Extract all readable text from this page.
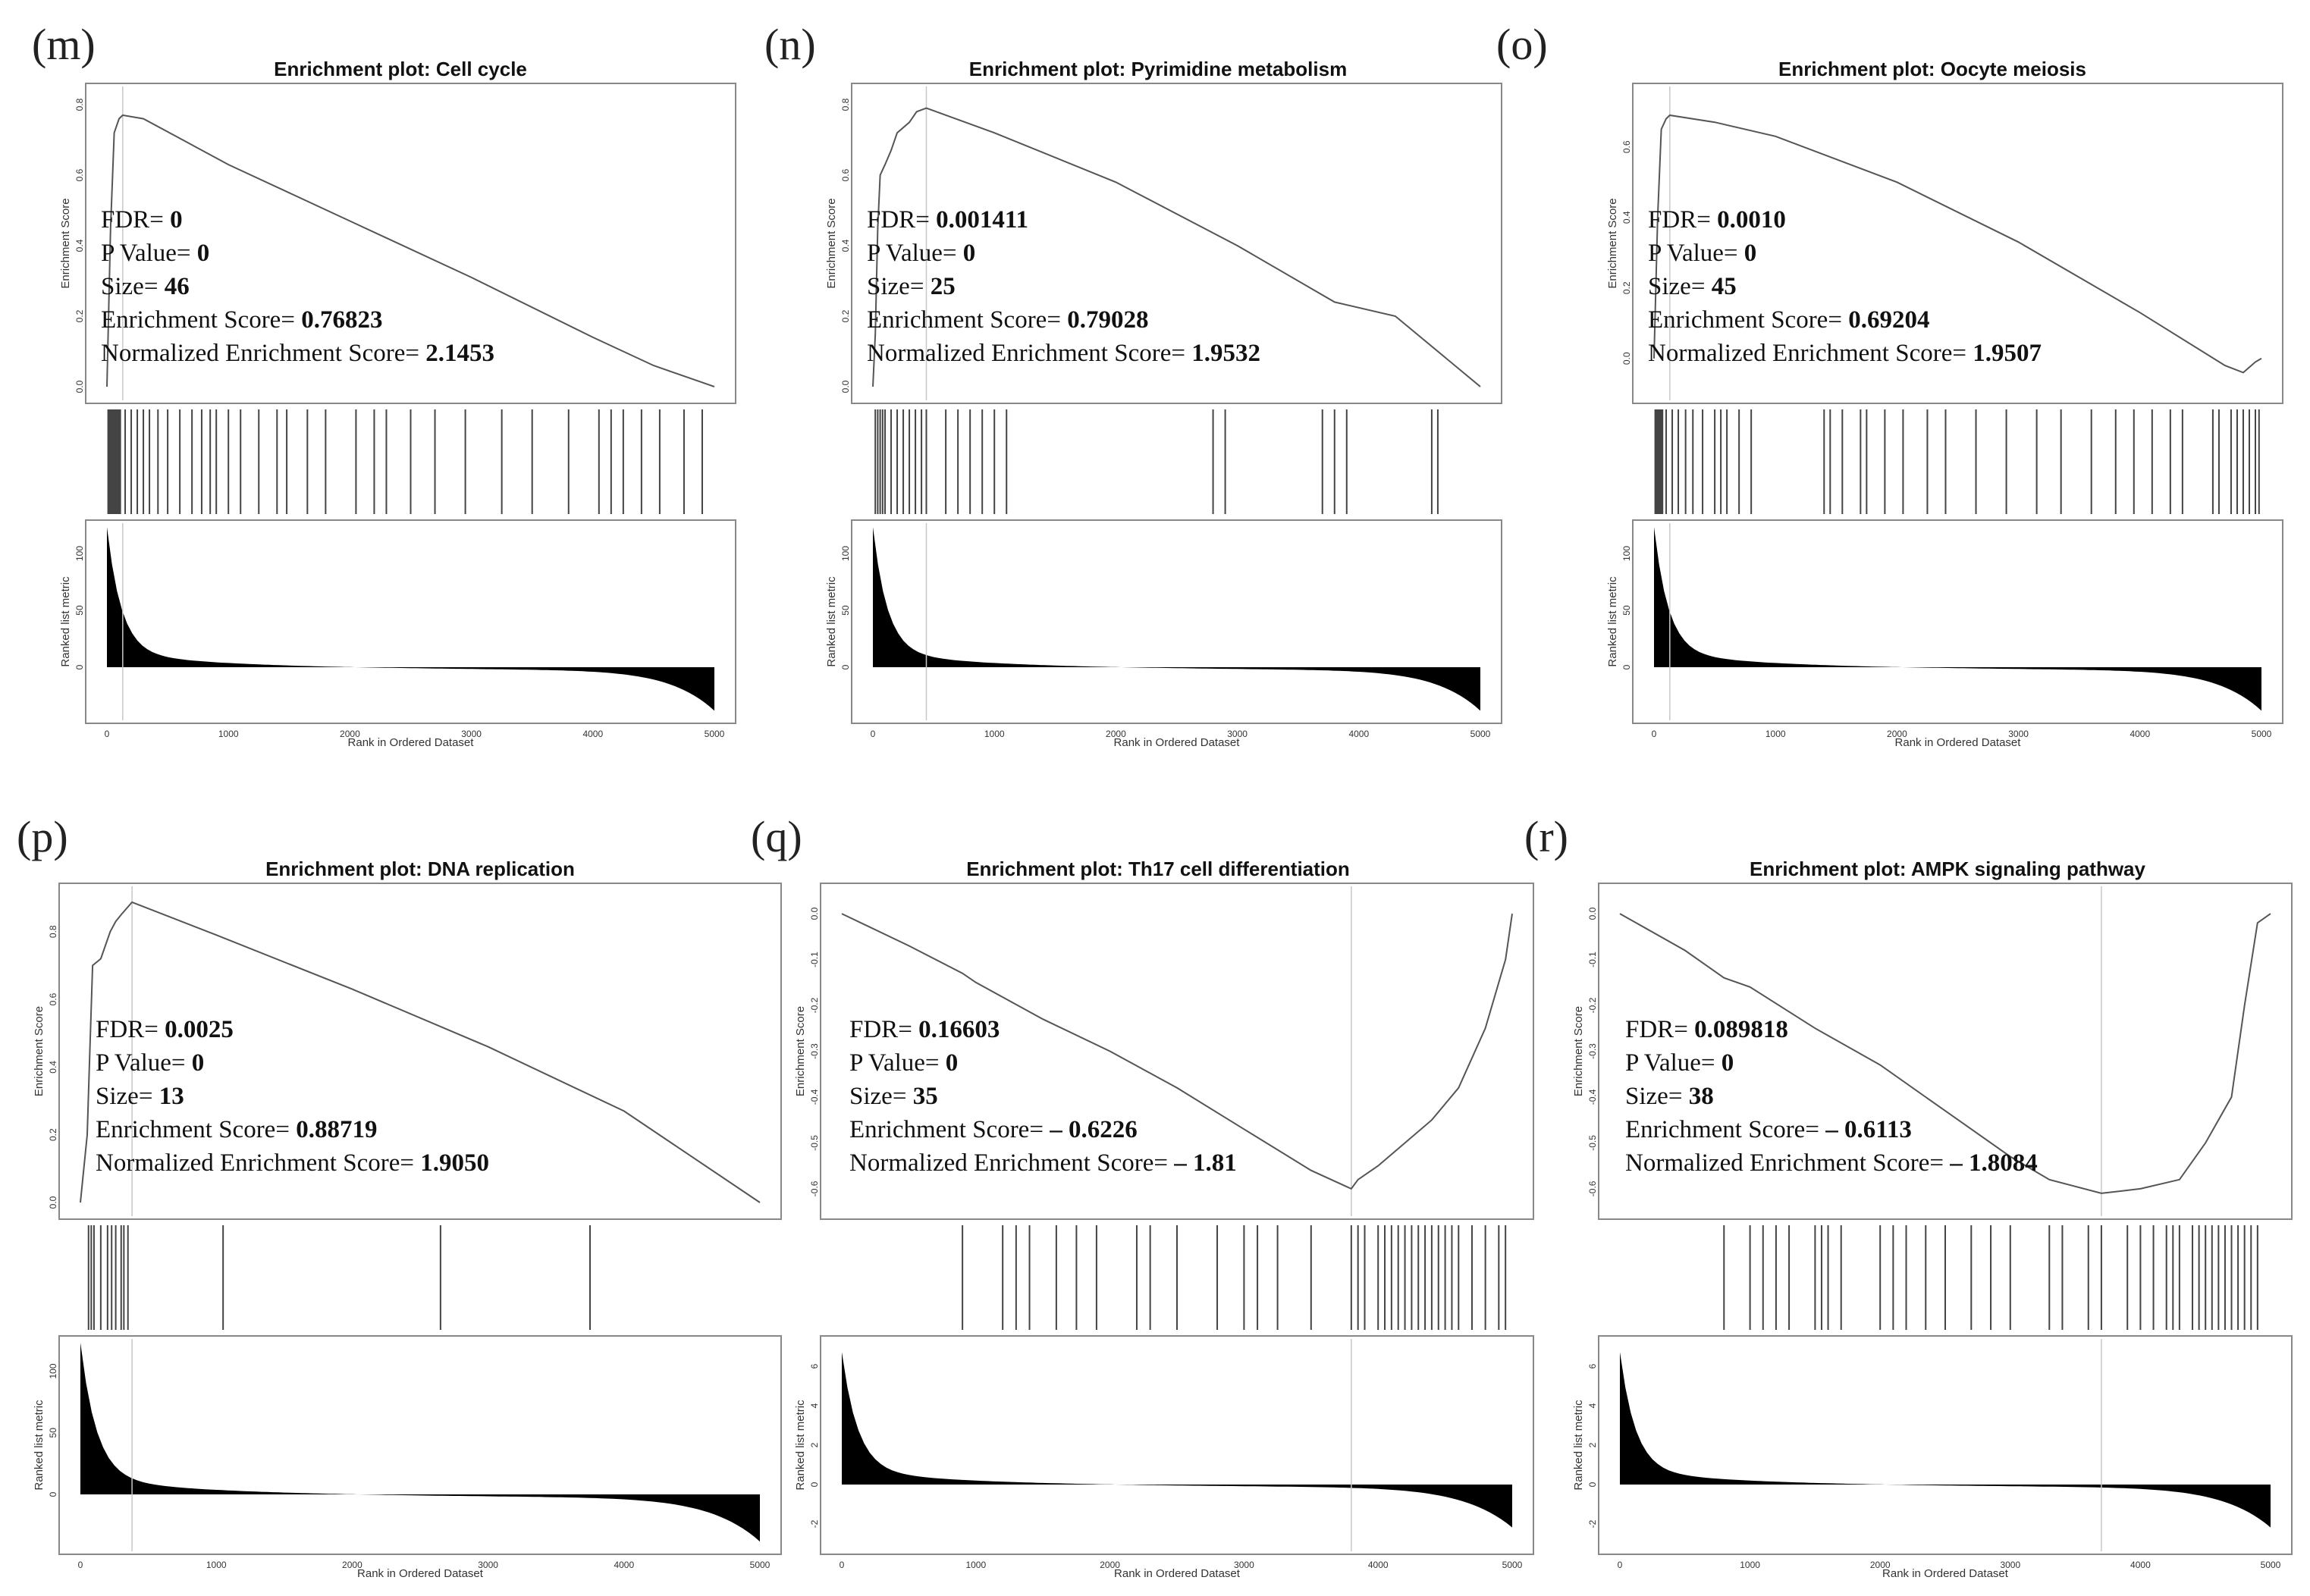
(m)	Enrichment plot: Cell cycle
0.0
0.2
0.4
0.6
0.8
Enrichment Score FDR= 0
P Value= 0
Size= 46
Enrichment Score= 0.76823
Normalized Enrichment Score= 2.1453
0
50
100
Ranked list metric
0	1000	2000	3000	4000	5000
Rank in Ordered Dataset
(n)	Enrichment plot: Pyrimidine metabolism
0.0
0.2
0.4
0.6
0.8
Enrichment Score FDR= 0.001411
P Value= 0
Size= 25
Enrichment Score= 0.79028
Normalized Enrichment Score= 1.9532
0
50
100
Ranked list metric
0	1000	2000	3000	4000	5000
Rank in Ordered Dataset
(o)	Enrichment plot: Oocyte meiosis
0.0
0.2
0.4
0.6
Enrichment Score FDR= 0.0010
P Value= 0
Size= 45
Enrichment Score= 0.69204
Normalized Enrichment Score= 1.9507
0
50
100
Ranked list metric
0	1000	2000	3000	4000	5000
Rank in Ordered Dataset
(p)
Enrichment plot: DNA replication
0.0
0.2
0.4
0.6
0.8
Enrichment Score FDR= 0.0025
P Value= 0
Size= 13
Enrichment Score= 0.88719
Normalized Enrichment Score= 1.9050
0
50
100
Ranked list metric
0	1000	2000	3000	4000	5000
Rank in Ordered Dataset
(q)
Enrichment plot: Th17 cell differentiation
0.0
-0.1
-0.2
-0.3
-0.4
-0.5
-0.6
Enrichment Score FDR= 0.16603
P Value= 0
Size= 35
Enrichment Score= – 0.6226
Normalized Enrichment Score= – 1.81
6
4
2
0
-2
Ranked list metric
0	1000	2000	3000	4000	5000
Rank in Ordered Dataset
(r)
Enrichment plot: AMPK signaling pathway
0.0
-0.1
-0.2
-0.3
-0.4
-0.5
-0.6
Enrichment Score FDR= 0.089818
P Value= 0
Size= 38
Enrichment Score= – 0.6113
Normalized Enrichment Score= – 1.8084
6
4
2
0
-2
Ranked list metric
0	1000	2000	3000	4000	5000
Rank in Ordered Dataset
